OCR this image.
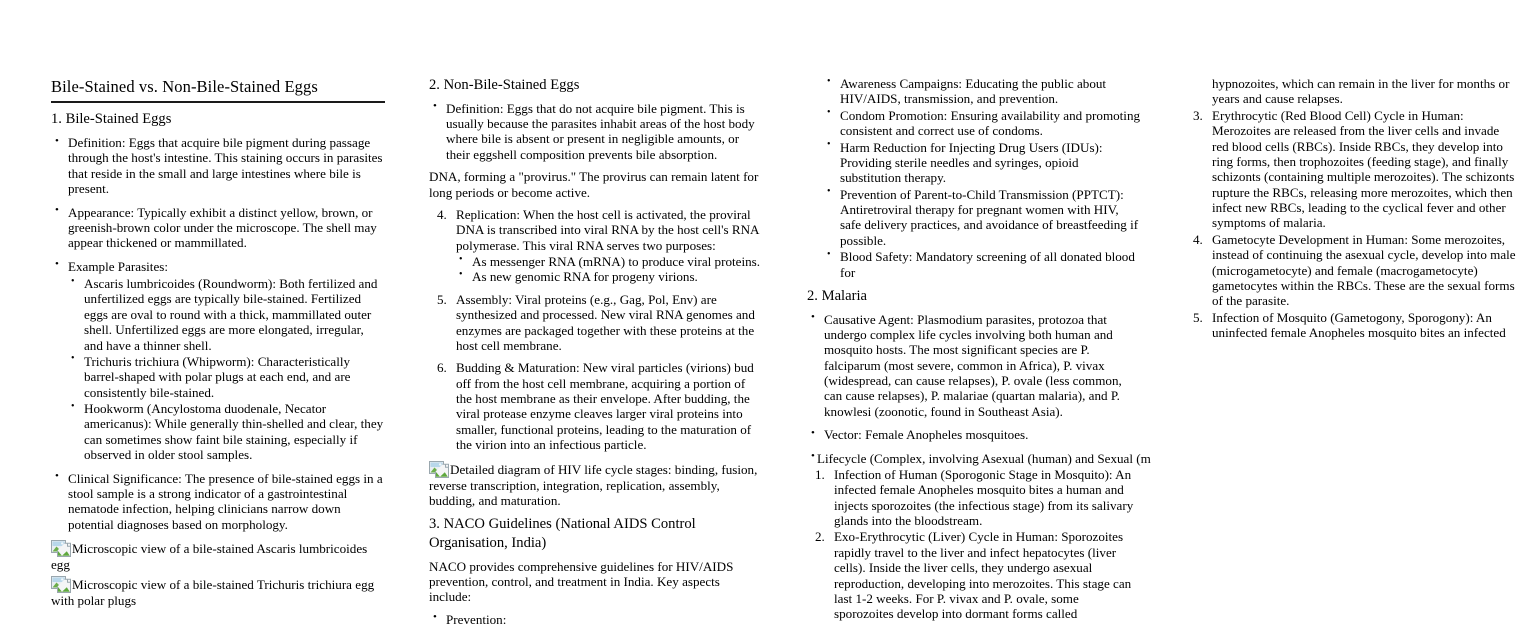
Bile-Stained vs. Non-Bile-Stained Eggs
1. Bile-Stained Eggs
• Definition: Eggs that acquire bile pigment during passage through the host's intestine. This staining occurs in parasites that reside in the small and large intestines where bile is present.
• Appearance: Typically exhibit a distinct yellow, brown, or greenish-brown color under the microscope. The shell may appear thickened or mammillated.
• Example Parasites:
• Ascaris lumbricoides (Roundworm): Both fertilized and unfertilized eggs are typically bile-stained. Fertilized eggs are oval to round with a thick, mammillated outer shell. Unfertilized eggs are more elongated, irregular, and have a thinner shell.
• Trichuris trichiura (Whipworm): Characteristically barrel-shaped with polar plugs at each end, and are consistently bile-stained.
• Hookworm (Ancylostoma duodenale, Necator americanus): While generally thin-shelled and clear, they can sometimes show faint bile staining, especially if observed in older stool samples.
• Clinical Significance: The presence of bile-stained eggs in a stool sample is a strong indicator of a gastrointestinal nematode infection, helping clinicians narrow down potential diagnoses based on morphology.

Microscopic view of a bile-stained Ascaris lumbricoides egg

Microscopic view of a bile-stained Trichuris trichiura egg with polar plugs

2. Non-Bile-Stained Eggs
• Definition: Eggs that do not acquire bile pigment. This is usually because the parasites inhabit areas of the host body where bile is absent or present in negligible amounts, or their eggshell composition prevents bile absorption.

DNA, forming a "provirus." The provirus can remain latent for long periods or become active.

Replication: When the host cell is activated, the proviral DNA is transcribed into viral RNA by the host cell's RNA polymerase. This viral RNA serves two purposes:
• As messenger RNA (mRNA) to produce viral proteins.
• As new genomic RNA for progeny virions.
Assembly: Viral proteins (e.g., Gag, Pol, Env) are synthesized and processed. New viral RNA genomes and enzymes are packaged together with these proteins at the host cell membrane.
Budding & Maturation: New viral particles (virions) bud off from the host cell membrane, acquiring a portion of the host membrane as their envelope. After budding, the viral protease enzyme cleaves larger viral proteins into smaller, functional proteins, leading to the maturation of the virion into an infectious particle.

Detailed diagram of HIV life cycle stages: binding, fusion, reverse transcription, integration, replication, assembly, budding, and maturation.

3. NACO Guidelines (National AIDS Control Organisation, India)

NACO provides comprehensive guidelines for HIV/AIDS prevention, control, and treatment in India. Key aspects include:

• Prevention:
• Awareness Campaigns: Educating the public about HIV/AIDS, transmission, and prevention.
• Condom Promotion: Ensuring availability and promoting consistent and correct use of condoms.
• Harm Reduction for Injecting Drug Users (IDUs): Providing sterile needles and syringes, opioid substitution therapy.
• Prevention of Parent-to-Child Transmission (PPTCT): Antiretroviral therapy for pregnant women with HIV, safe delivery practices, and avoidance of breastfeeding if possible.
• Blood Safety: Mandatory screening of all donated blood for
2. Malaria
• Causative Agent: Plasmodium parasites, protozoa that undergo complex life cycles involving both human and mosquito hosts. The most significant species are P. falciparum (most severe, common in Africa), P. vivax (widespread, can cause relapses), P. ovale (less common, can cause relapses), P. malariae (quartan malaria), and P. knowlesi (zoonotic, found in Southeast Asia).
• Vector: Female Anopheles mosquitoes.
Lifecycle (Complex, involving Asexual (human) and Sexual (m
Infection of Human (Sporogonic Stage in Mosquito): An infected female Anopheles mosquito bites a human and injects sporozoites (the infectious stage) from its salivary glands into the bloodstream.
Exo-Erythrocytic (Liver) Cycle in Human: Sporozoites rapidly travel to the liver and infect hepatocytes (liver cells). Inside the liver cells, they undergo asexual reproduction, developing into merozoites. This stage can last 1-2 weeks. For P. vivax and P. ovale, some sporozoites develop into dormant forms called hypnozoites, which can remain in the liver for months or years and cause relapses.
Erythrocytic (Red Blood Cell) Cycle in Human: Merozoites are released from the liver cells and invade red blood cells (RBCs). Inside RBCs, they develop into ring forms, then trophozoites (feeding stage), and finally schizonts (containing multiple merozoites). The schizonts rupture the RBCs, releasing more merozoites, which then infect new RBCs, leading to the cyclical fever and other symptoms of malaria.
Gametocyte Development in Human: Some merozoites, instead of continuing the asexual cycle, develop into male (microgametocyte) and female (macrogametocyte) gametocytes within the RBCs. These are the sexual forms of the parasite.
Infection of Mosquito (Gametogony, Sporogony): An uninfected female Anopheles mosquito bites an infected
